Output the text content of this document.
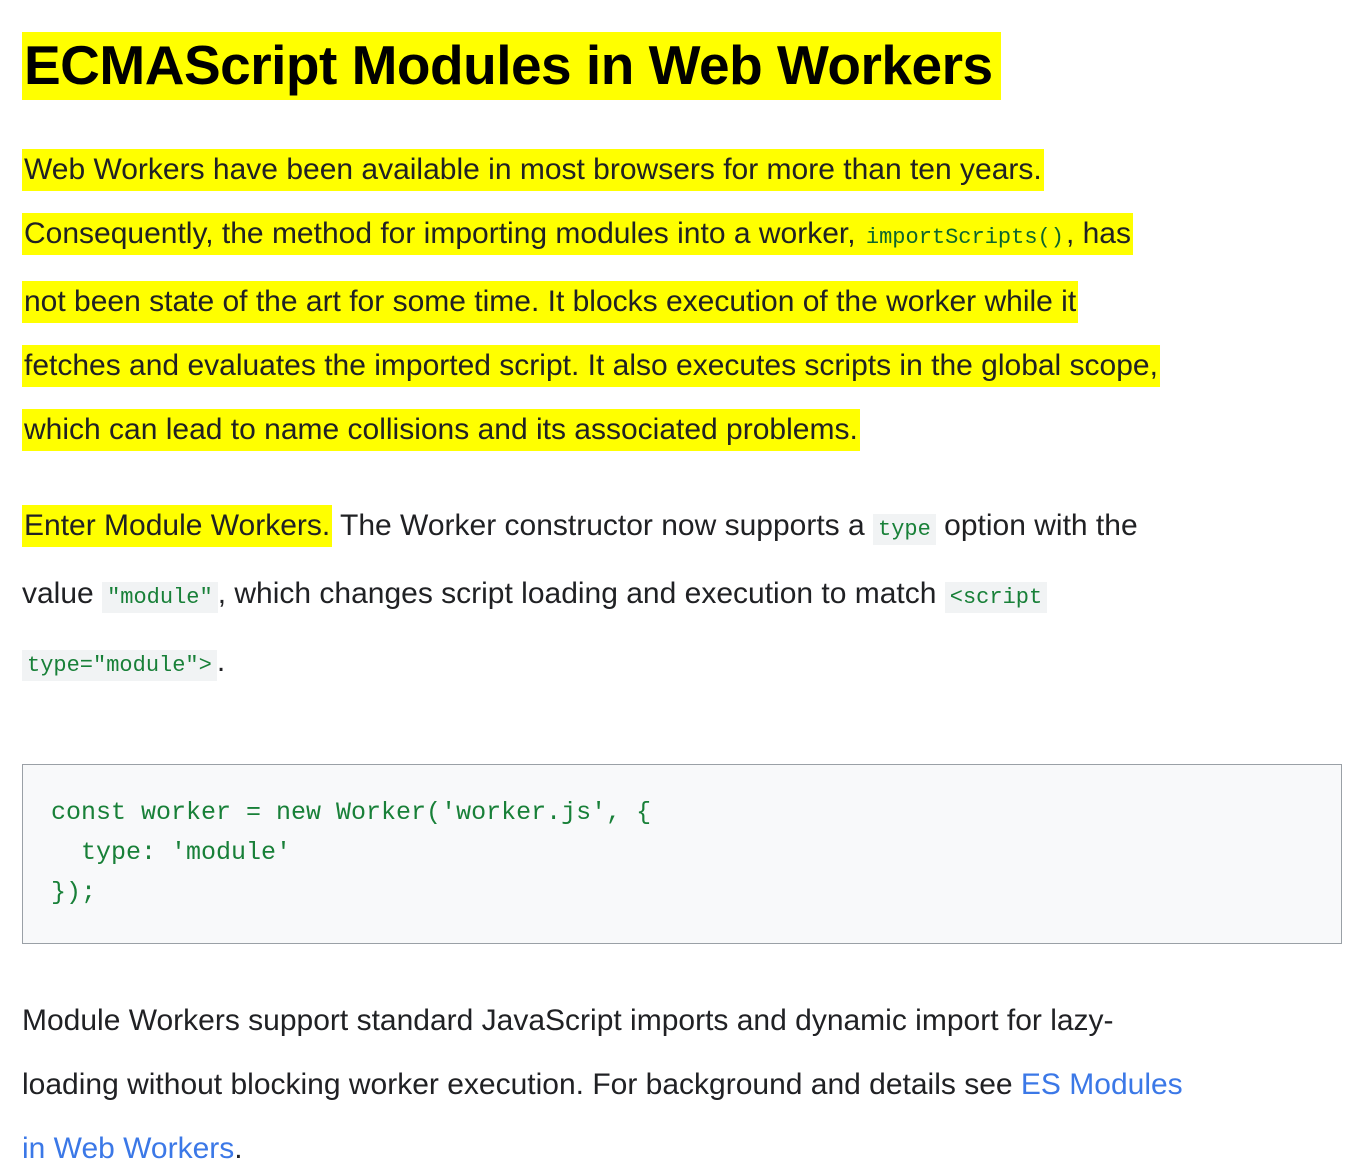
ECMAScript Modules in Web Workers
Web Workers have been available in most browsers for more than ten years.
Consequently, the method for importing modules into a worker, importScripts(), has
not been state of the art for some time. It blocks execution of the worker while it
fetches and evaluates the imported script. It also executes scripts in the global scope,
which can lead to name collisions and its associated problems.
Enter Module Workers. The Worker constructor now supports a type option with the
value "module" , which changes script loading and execution to match <script
type="module"> .
const worker = new Worker('worker.js', {
type: 'module'
});
Module Workers support standard JavaScript imports and dynamic import for lazy-
loading without blocking worker execution. For background and details see ES Modules
in Web Workers.
